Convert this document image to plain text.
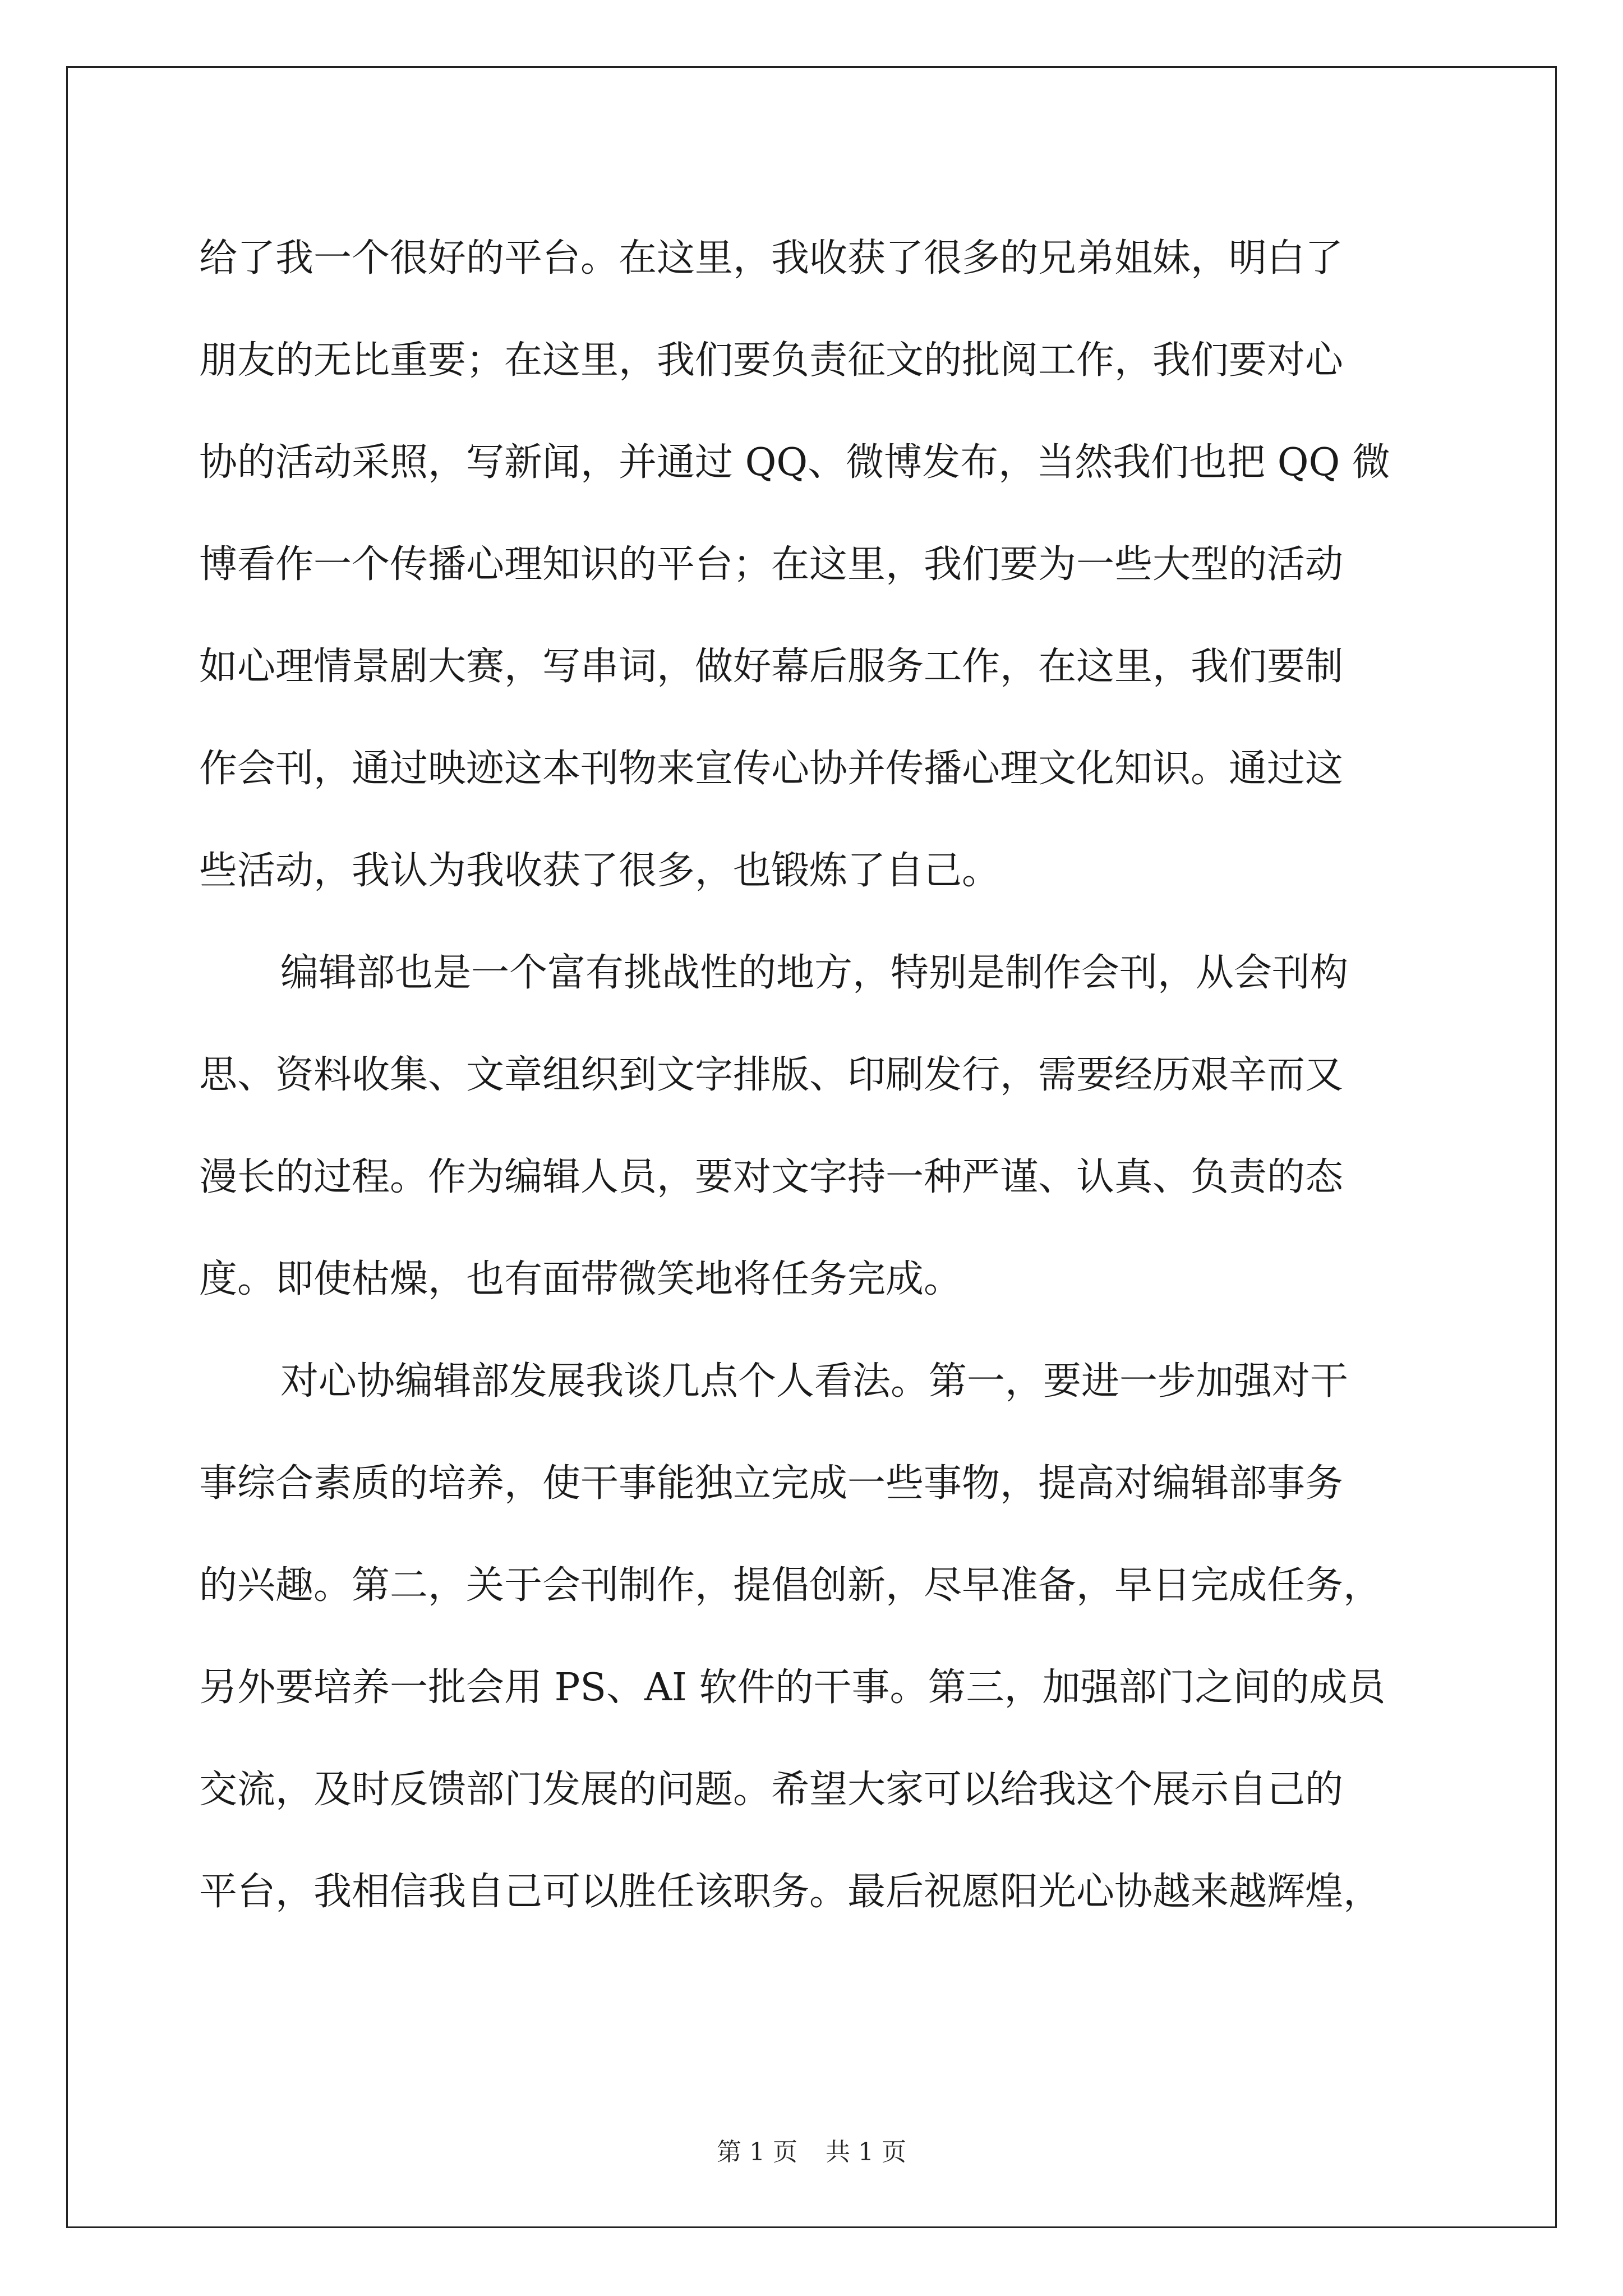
给了我一个很好的平台。在这里，我收获了很多的兄弟姐妹，明白了
朋友的无比重要；在这里，我们要负责征文的批阅工作，我们要对心
协的活动采照，写新闻，并通过 QQ、微博发布，当然我们也把 QQ 微
博看作一个传播心理知识的平台；在这里，我们要为一些大型的活动
如心理情景剧大赛，写串词，做好幕后服务工作，在这里，我们要制
作会刊，通过映迹这本刊物来宣传心协并传播心理文化知识。通过这
些活动，我认为我收获了很多，也锻炼了自己。
编辑部也是一个富有挑战性的地方，特别是制作会刊，从会刊构
思、资料收集、文章组织到文字排版、印刷发行，需要经历艰辛而又
漫长的过程。作为编辑人员，要对文字持一种严谨、认真、负责的态
度。即使枯燥，也有面带微笑地将任务完成。
对心协编辑部发展我谈几点个人看法。第一，要进一步加强对干
事综合素质的培养，使干事能独立完成一些事物，提高对编辑部事务
的兴趣。第二，关于会刊制作，提倡创新，尽早准备，早日完成任务，
另外要培养一批会用 PS、AI 软件的干事。第三，加强部门之间的成员
交流，及时反馈部门发展的问题。希望大家可以给我这个展示自己的
平台，我相信我自己可以胜任该职务。最后祝愿阳光心协越来越辉煌，
第 1 页 共 1 页
